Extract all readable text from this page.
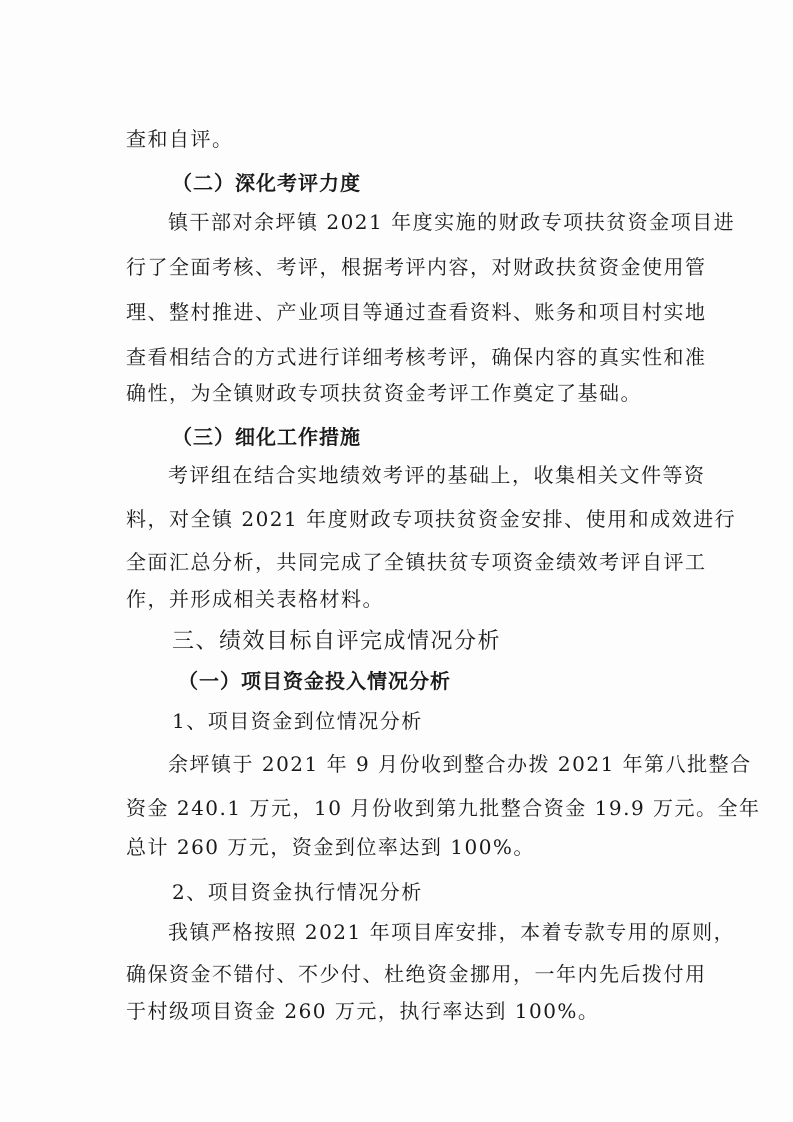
查和自评。
（二）深化考评力度
镇干部对余坪镇 2021 年度实施的财政专项扶贫资金项目进
行了全面考核、考评，根据考评内容，对财政扶贫资金使用管
理、整村推进、产业项目等通过查看资料、账务和项目村实地
查看相结合的方式进行详细考核考评，确保内容的真实性和准
确性，为全镇财政专项扶贫资金考评工作奠定了基础。
（三）细化工作措施
考评组在结合实地绩效考评的基础上，收集相关文件等资
料，对全镇 2021 年度财政专项扶贫资金安排、使用和成效进行
全面汇总分析，共同完成了全镇扶贫专项资金绩效考评自评工
作，并形成相关表格材料。
三、绩效目标自评完成情况分析
（一）项目资金投入情况分析
1、项目资金到位情况分析
余坪镇于 2021 年 9 月份收到整合办拨 2021 年第八批整合
资金 240.1 万元，10 月份收到第九批整合资金 19.9 万元。全年
总计 260 万元，资金到位率达到 100%。
2、项目资金执行情况分析
我镇严格按照 2021 年项目库安排，本着专款专用的原则，
确保资金不错付、不少付、杜绝资金挪用，一年内先后拨付用
于村级项目资金 260 万元，执行率达到 100%。
